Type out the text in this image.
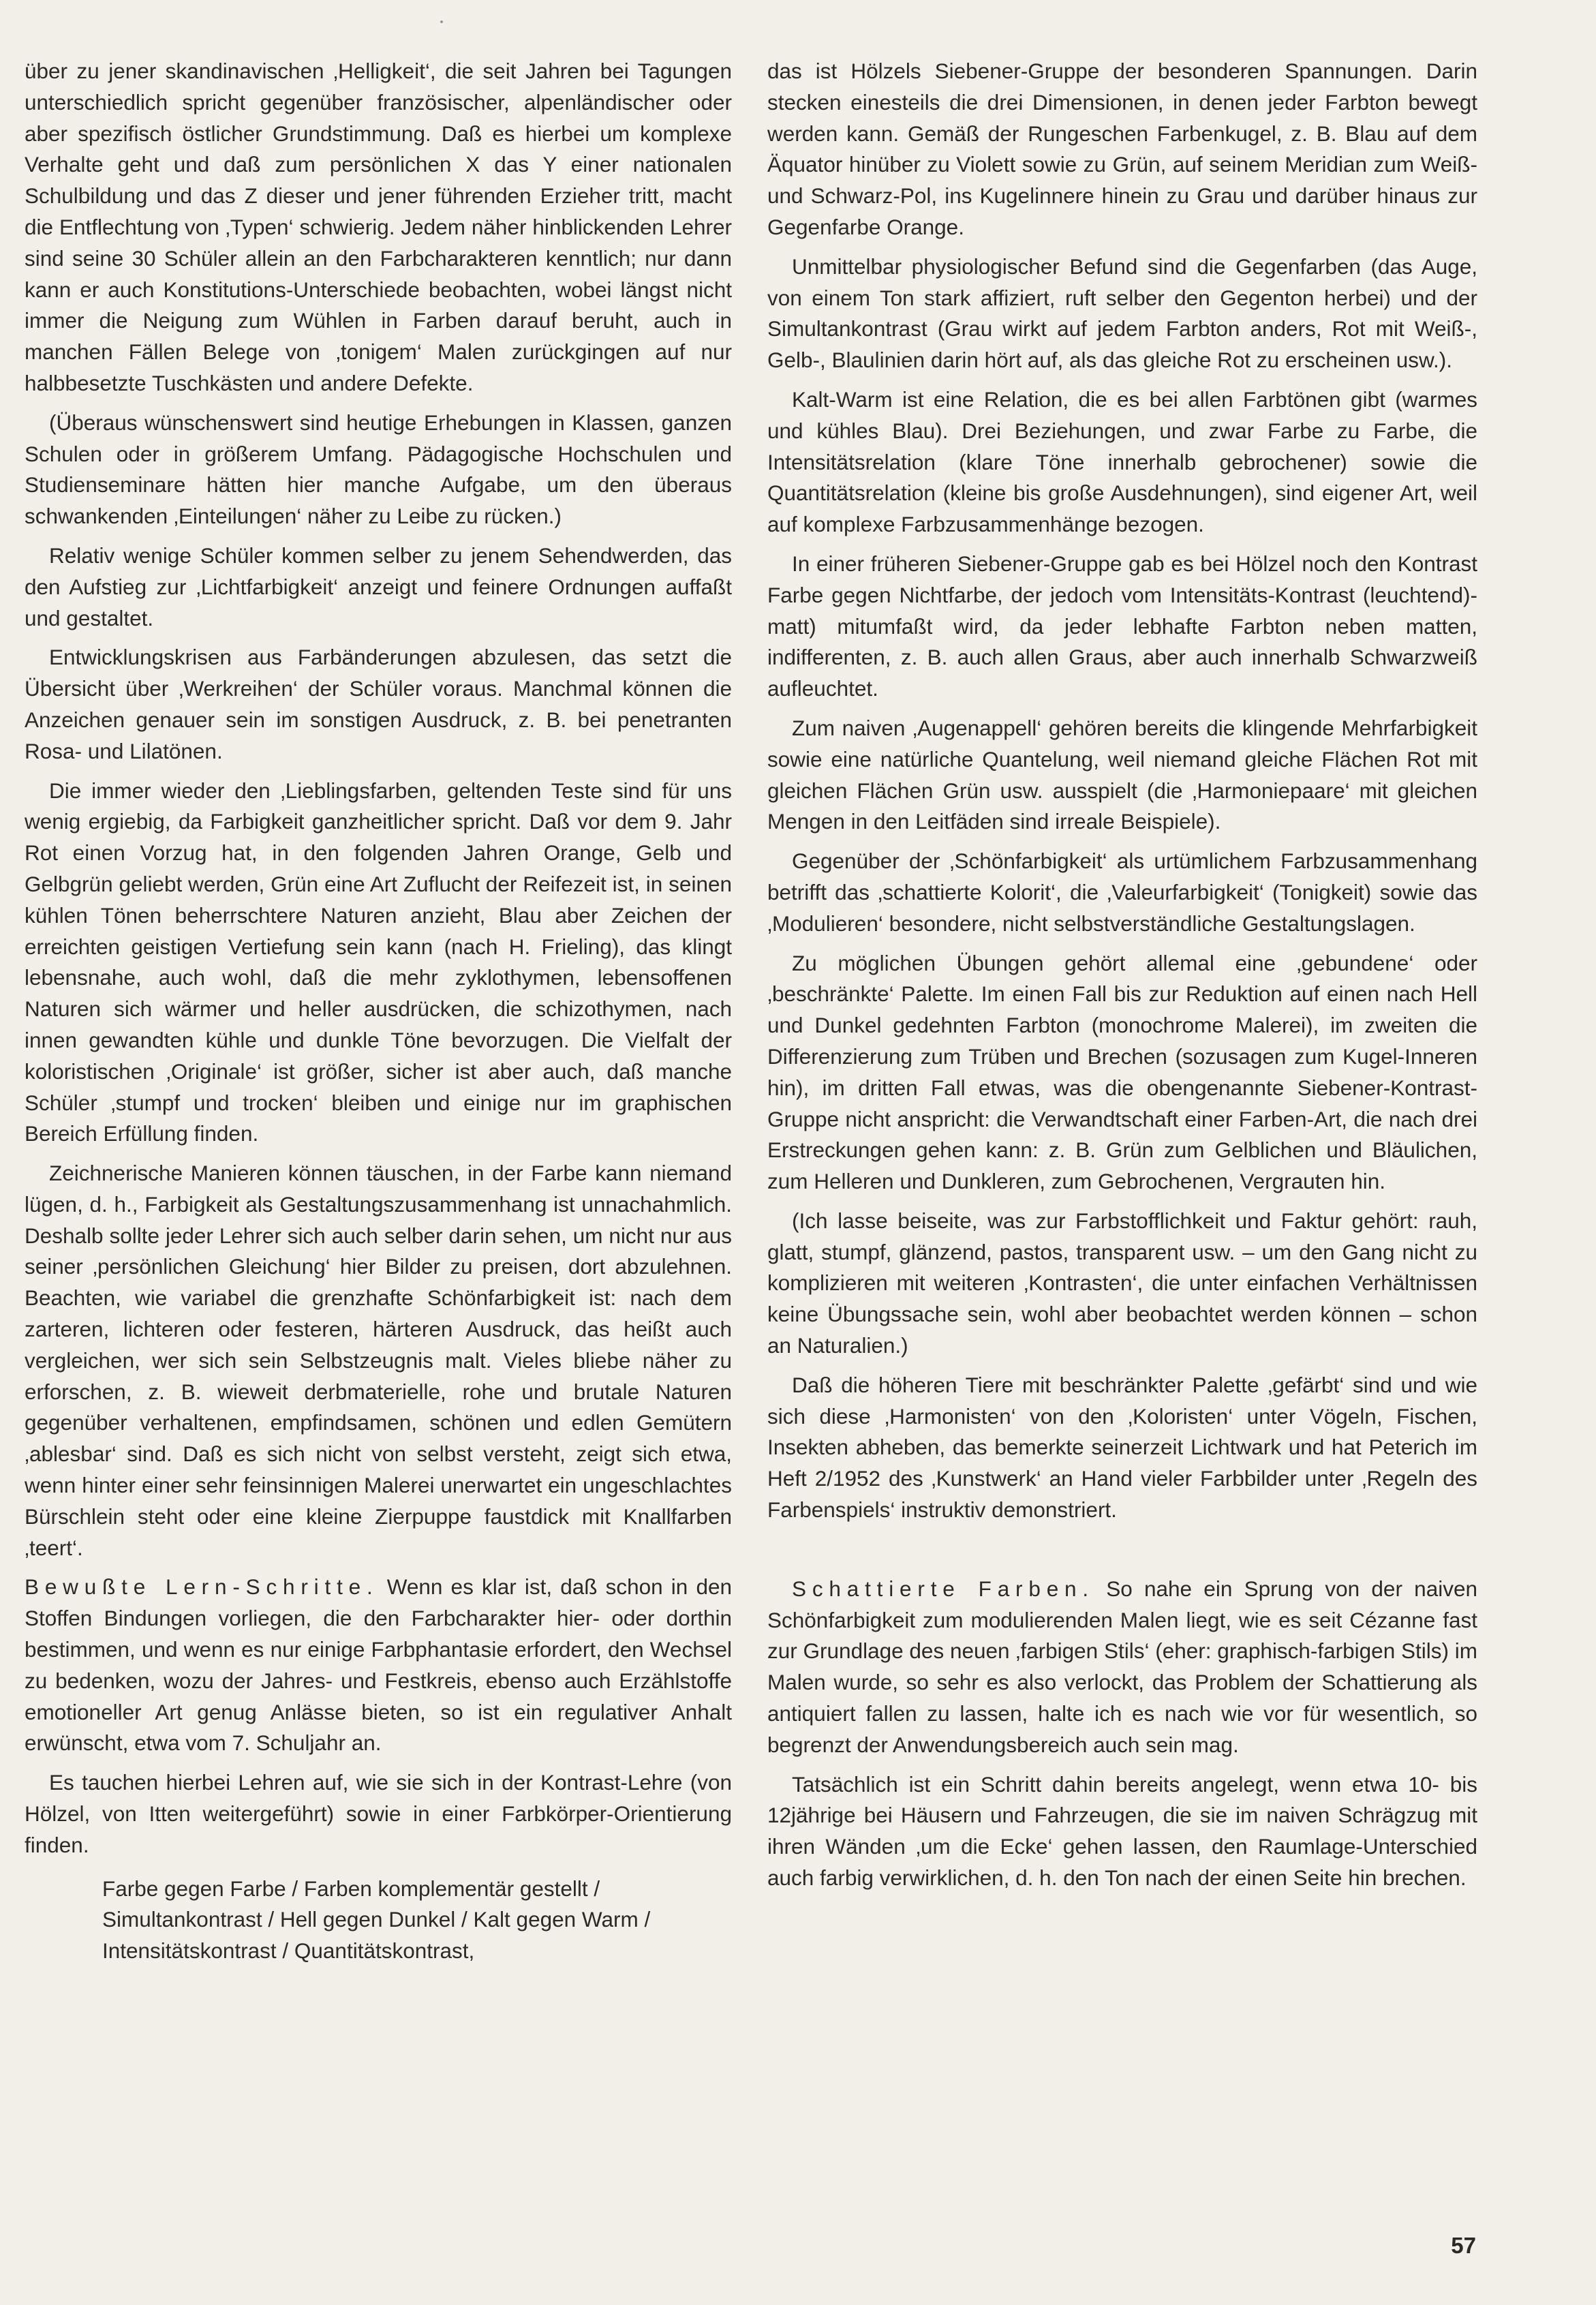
über zu jener skandinavischen ‚Helligkeit‘, die seit Jahren bei Tagungen unterschiedlich spricht gegenüber französischer, alpenländischer oder aber spezifisch östlicher Grundstimmung. Daß es hierbei um komplexe Verhalte geht und daß zum persönlichen X das Y einer nationalen Schulbildung und das Z dieser und jener führenden Erzieher tritt, macht die Entflechtung von ‚Typen‘ schwierig. Jedem näher hinblickenden Lehrer sind seine 30 Schüler allein an den Farbcharakteren kenntlich; nur dann kann er auch Konstitutions-Unterschiede beobachten, wobei längst nicht immer die Neigung zum Wühlen in Farben darauf beruht, auch in manchen Fällen Belege von ‚tonigem‘ Malen zurückgingen auf nur halbbesetzte Tuschkästen und andere Defekte.

(Überaus wünschenswert sind heutige Erhebungen in Klassen, ganzen Schulen oder in größerem Umfang. Pädagogische Hochschulen und Studienseminare hätten hier manche Aufgabe, um den überaus schwankenden ‚Einteilungen‘ näher zu Leibe zu rücken.)

Relativ wenige Schüler kommen selber zu jenem Sehendwerden, das den Aufstieg zur ‚Lichtfarbigkeit‘ anzeigt und feinere Ordnungen auffaßt und gestaltet.

Entwicklungskrisen aus Farbänderungen abzulesen, das setzt die Übersicht über ‚Werkreihen‘ der Schüler voraus. Manchmal können die Anzeichen genauer sein im sonstigen Ausdruck, z. B. bei penetranten Rosa- und Lilatönen.

Die immer wieder den ‚Lieblingsfarben, geltenden Teste sind für uns wenig ergiebig, da Farbigkeit ganzheitlicher spricht. Daß vor dem 9. Jahr Rot einen Vorzug hat, in den folgenden Jahren Orange, Gelb und Gelbgrün geliebt werden, Grün eine Art Zuflucht der Reifezeit ist, in seinen kühlen Tönen beherrschtere Naturen anzieht, Blau aber Zeichen der erreichten geistigen Vertiefung sein kann (nach H. Frieling), das klingt lebensnahe, auch wohl, daß die mehr zyklothymen, lebensoffenen Naturen sich wärmer und heller ausdrücken, die schizothymen, nach innen gewandten kühle und dunkle Töne bevorzugen. Die Vielfalt der koloristischen ‚Originale‘ ist größer, sicher ist aber auch, daß manche Schüler ‚stumpf und trocken‘ bleiben und einige nur im graphischen Bereich Erfüllung finden.

Zeichnerische Manieren können täuschen, in der Farbe kann niemand lügen, d. h., Farbigkeit als Gestaltungszusammenhang ist unnachahmlich. Deshalb sollte jeder Lehrer sich auch selber darin sehen, um nicht nur aus seiner ‚persönlichen Gleichung‘ hier Bilder zu preisen, dort abzulehnen. Beachten, wie variabel die grenzhafte Schönfarbigkeit ist: nach dem zarteren, lichteren oder festeren, härteren Ausdruck, das heißt auch vergleichen, wer sich sein Selbstzeugnis malt. Vieles bliebe näher zu erforschen, z. B. wieweit derbmaterielle, rohe und brutale Naturen gegenüber verhaltenen, empfindsamen, schönen und edlen Gemütern ‚ablesbar‘ sind. Daß es sich nicht von selbst versteht, zeigt sich etwa, wenn hinter einer sehr feinsinnigen Malerei unerwartet ein ungeschlachtes Bürschlein steht oder eine kleine Zierpuppe faustdick mit Knallfarben ‚teert‘.

Bewußte Lern-Schritte. Wenn es klar ist, daß schon in den Stoffen Bindungen vorliegen, die den Farbcharakter hier- oder dorthin bestimmen, und wenn es nur einige Farbphantasie erfordert, den Wechsel zu bedenken, wozu der Jahres- und Festkreis, ebenso auch Erzählstoffe emotioneller Art genug Anlässe bieten, so ist ein regulativer Anhalt erwünscht, etwa vom 7. Schuljahr an.

Es tauchen hierbei Lehren auf, wie sie sich in der Kontrast-Lehre (von Hölzel, von Itten weitergeführt) sowie in einer Farbkörper-Orientierung finden.

Farbe gegen Farbe / Farben komplementär gestellt / Simultankontrast / Hell gegen Dunkel / Kalt gegen Warm / Intensitätskontrast / Quantitätskontrast,

das ist Hölzels Siebener-Gruppe der besonderen Spannungen. Darin stecken einesteils die drei Dimensionen, in denen jeder Farbton bewegt werden kann. Gemäß der Rungeschen Farbenkugel, z. B. Blau auf dem Äquator hinüber zu Violett sowie zu Grün, auf seinem Meridian zum Weiß- und Schwarz-Pol, ins Kugelinnere hinein zu Grau und darüber hinaus zur Gegenfarbe Orange.

Unmittelbar physiologischer Befund sind die Gegenfarben (das Auge, von einem Ton stark affiziert, ruft selber den Gegenton herbei) und der Simultankontrast (Grau wirkt auf jedem Farbton anders, Rot mit Weiß-, Gelb-, Blaulinien darin hört auf, als das gleiche Rot zu erscheinen usw.).

Kalt-Warm ist eine Relation, die es bei allen Farbtönen gibt (warmes und kühles Blau). Drei Beziehungen, und zwar Farbe zu Farbe, die Intensitätsrelation (klare Töne innerhalb gebrochener) sowie die Quantitätsrelation (kleine bis große Ausdehnungen), sind eigener Art, weil auf komplexe Farbzusammenhänge bezogen.

In einer früheren Siebener-Gruppe gab es bei Hölzel noch den Kontrast Farbe gegen Nichtfarbe, der jedoch vom Intensitäts-Kontrast (leuchtend)-matt) mitumfaßt wird, da jeder lebhafte Farbton neben matten, indifferenten, z. B. auch allen Graus, aber auch innerhalb Schwarzweiß aufleuchtet.

Zum naiven ‚Augenappell‘ gehören bereits die klingende Mehrfarbigkeit sowie eine natürliche Quantelung, weil niemand gleiche Flächen Rot mit gleichen Flächen Grün usw. ausspielt (die ‚Harmoniepaare‘ mit gleichen Mengen in den Leitfäden sind irreale Beispiele).

Gegenüber der ‚Schönfarbigkeit‘ als urtümlichem Farbzusammenhang betrifft das ‚schattierte Kolorit‘, die ‚Valeurfarbigkeit‘ (Tonigkeit) sowie das ‚Modulieren‘ besondere, nicht selbstverständliche Gestaltungslagen.

Zu möglichen Übungen gehört allemal eine ‚gebundene‘ oder ‚beschränkte‘ Palette. Im einen Fall bis zur Reduktion auf einen nach Hell und Dunkel gedehnten Farbton (monochrome Malerei), im zweiten die Differenzierung zum Trüben und Brechen (sozusagen zum Kugel-Inneren hin), im dritten Fall etwas, was die obengenannte Siebener-Kontrast-Gruppe nicht anspricht: die Verwandtschaft einer Farben-Art, die nach drei Erstreckungen gehen kann: z. B. Grün zum Gelblichen und Bläulichen, zum Helleren und Dunkleren, zum Gebrochenen, Vergrauten hin.

(Ich lasse beiseite, was zur Farbstofflichkeit und Faktur gehört: rauh, glatt, stumpf, glänzend, pastos, transparent usw. – um den Gang nicht zu komplizieren mit weiteren ‚Kontrasten‘, die unter einfachen Verhältnissen keine Übungssache sein, wohl aber beobachtet werden können – schon an Naturalien.)

Daß die höheren Tiere mit beschränkter Palette ‚gefärbt‘ sind und wie sich diese ‚Harmonisten‘ von den ‚Koloristen‘ unter Vögeln, Fischen, Insekten abheben, das bemerkte seinerzeit Lichtwark und hat Peterich im Heft 2/1952 des ‚Kunstwerk‘ an Hand vieler Farbbilder unter ‚Regeln des Farbenspiels‘ instruktiv demonstriert.

Schattierte Farben. So nahe ein Sprung von der naiven Schönfarbigkeit zum modulierenden Malen liegt, wie es seit Cézanne fast zur Grundlage des neuen ‚farbigen Stils‘ (eher: graphisch-farbigen Stils) im Malen wurde, so sehr es also verlockt, das Problem der Schattierung als antiquiert fallen zu lassen, halte ich es nach wie vor für wesentlich, so begrenzt der Anwendungsbereich auch sein mag.

Tatsächlich ist ein Schritt dahin bereits angelegt, wenn etwa 10- bis 12jährige bei Häusern und Fahrzeugen, die sie im naiven Schrägzug mit ihren Wänden ‚um die Ecke‘ gehen lassen, den Raumlage-Unterschied auch farbig verwirklichen, d. h. den Ton nach der einen Seite hin brechen.

57
